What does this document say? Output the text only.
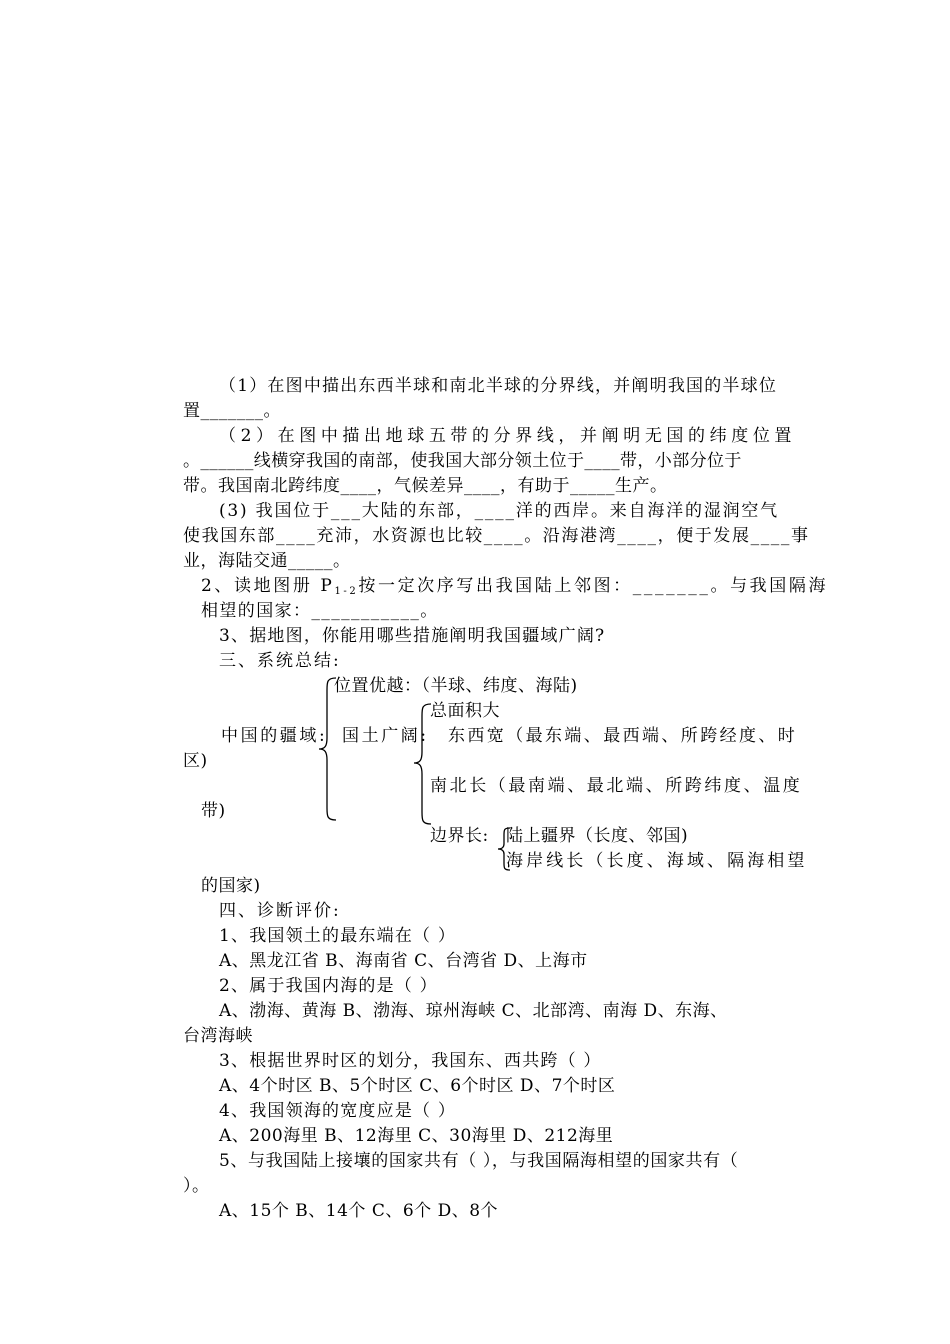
（1）在图中描出东西半球和南北半球的分界线，并阐明我国的半球位
置_______。
（2）在图中描出地球五带的分界线，并阐明无国的纬度位置
。______线横穿我国的南部，使我国大部分领土位于____带，小部分位于
带。我国南北跨纬度____，气候差异____，有助于_____生产。
(3) 我国位于___大陆的东部，____洋的西岸。来自海洋的湿润空气
使我国东部____充沛，水资源也比较____。沿海港湾____，便于发展____事
业，海陆交通_____。
2、读地图册 $P_{1-2}$按一定次序写出我国陆上邻图：_______。与我国隔海
相望的国家：___________。
3、据地图，你能用哪些措施阐明我国疆域广阔?
三、系统总结:
位置优越：（半球、纬度、海陆)
总面积大
中国的疆域: 国土广阔: 东西宽（最东端、最西端、所跨经度、时
区)
南北长（最南端、最北端、所跨纬度、温度
带)
边界长: 陆上疆界（长度、邻国)
海岸线长（长度、海域、隔海相望
的国家)
四、诊断评价:
1、我国领土的最东端在（ ）
A、黑龙江省 B、海南省 C、台湾省 D、上海市
2、属于我国内海的是（ ）
A、渤海、黄海 B、渤海、琼州海峡 C、北部湾、南海 D、东海、
台湾海峡
3、根据世界时区的划分，我国东、西共跨（ ）
A、4个时区 B、5个时区 C、6个时区 D、7个时区
4、我国领海的宽度应是（ ）
A、200海里 B、12海里 C、30海里 D、212海里
5、与我国陆上接壤的国家共有（ ），与我国隔海相望的国家共有（
）。
A、15个 B、14个 C、6个 D、8个
